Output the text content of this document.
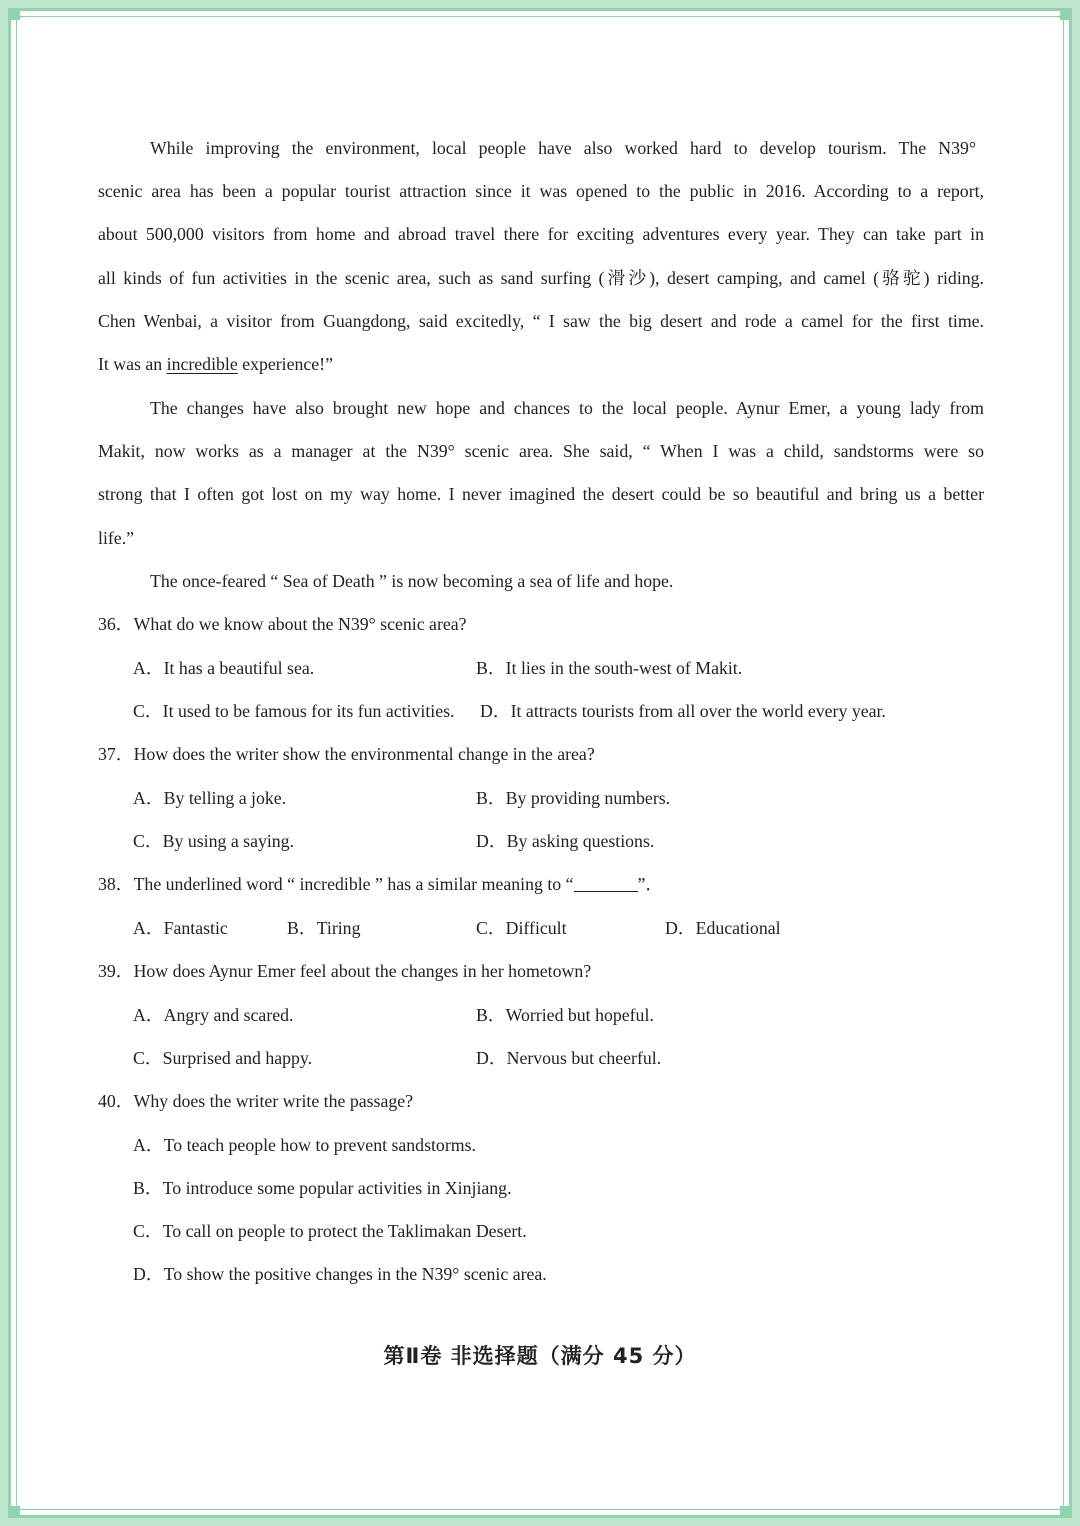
While improving the environment, local people have also worked hard to develop tourism. The N39°
scenic area has been a popular tourist attraction since it was opened to the public in 2016. According to a report,
about 500,000 visitors from home and abroad travel there for exciting adventures every year. They can take part in
all kinds of fun activities in the scenic area, such as sand surfing (滑沙), desert camping, and camel (骆驼) riding.
Chen Wenbai, a visitor from Guangdong, said excitedly, “ I saw the big desert and rode a camel for the first time.
It was an incredible experience!”
The changes have also brought new hope and chances to the local people. Aynur Emer, a young lady from
Makit, now works as a manager at the N39° scenic area. She said, “ When I was a child, sandstorms were so
strong that I often got lost on my way home. I never imagined the desert could be so beautiful and bring us a better
life.”
The once-feared “ Sea of Death ” is now becoming a sea of life and hope.
36．What do we know about the N39° scenic area?
A．It has a beautiful sea.	B．It lies in the south-west of Makit.
C．It used to be famous for its fun activities. D．It attracts tourists from all over the world every year.
37．How does the writer show the environmental change in the area?
A．By telling a joke.	B．By providing numbers.
C．By using a saying.	D．By asking questions.
38．The underlined word “ incredible ” has a similar meaning to “	”．
A．Fantastic	B．Tiring	C．Difficult	D．Educational
39．How does Aynur Emer feel about the changes in her hometown?
A．Angry and scared.	B．Worried but hopeful.
C．Surprised and happy.	D．Nervous but cheerful.
40．Why does the writer write the passage?
A．To teach people how to prevent sandstorms.
B．To introduce some popular activities in Xinjiang.
C．To call on people to protect the Taklimakan Desert.
D．To show the positive changes in the N39° scenic area.
第Ⅱ卷 非选择题（满分 45 分）
